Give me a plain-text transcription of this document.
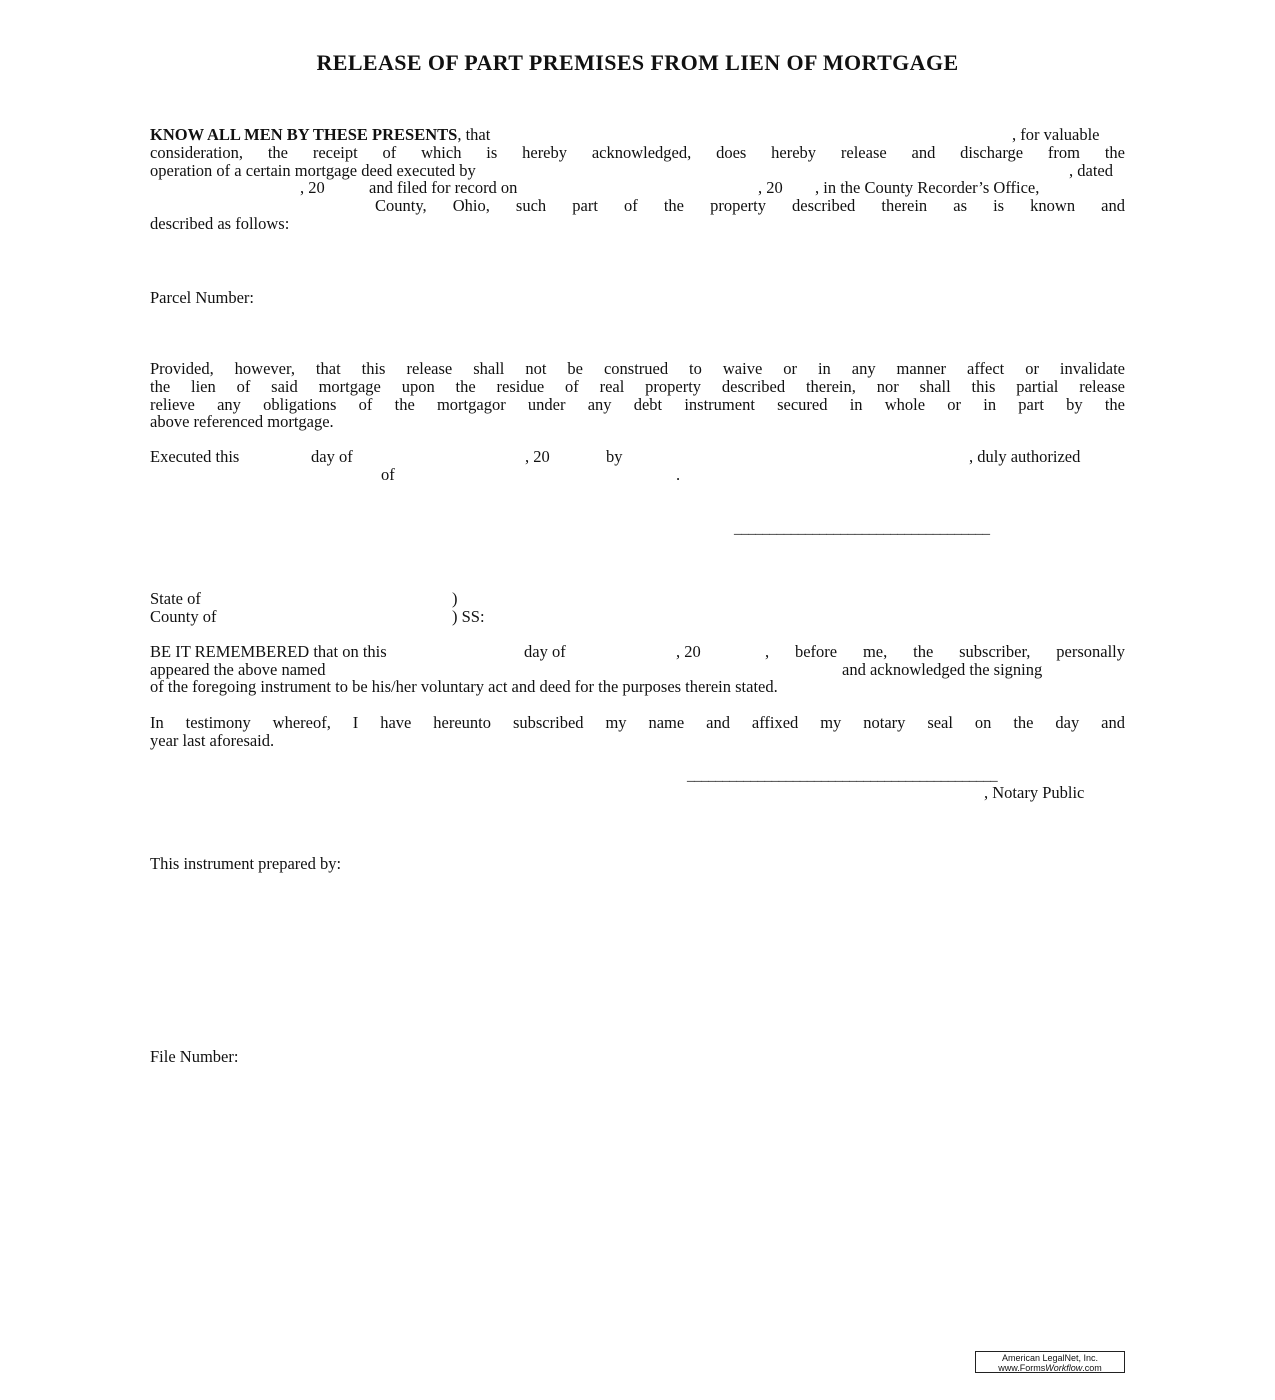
RELEASE OF PART PREMISES FROM LIEN OF MORTGAGE
KNOW ALL MEN BY THESE PRESENTS, that	, for valuable
consideration, the receipt of which is hereby acknowledged, does hereby release and discharge from the
operation of a certain mortgage deed executed by	, dated
, 20	and filed for record on	, 20 , in the County Recorder’s Office,
County, Ohio, such part of the property described therein as is known and
described as follows:
Parcel Number:
Provided, however, that this release shall not be construed to waive or in any manner affect or invalidate
the lien of said mortgage upon the residue of real property described therein, nor shall this partial release
relieve any obligations of the mortgagor under any debt instrument secured in whole or in part by the
above referenced mortgage.
Executed this	day of	, 20	by	, duly authorized
of	.
____________________________________
State of	)
County of	) SS:
BE IT REMEMBERED that on this	day of	, 20	, before me, the subscriber, personally
appeared the above named	and acknowledged the signing
of the foregoing instrument to be his/her voluntary act and deed for the purposes therein stated.
In testimony whereof, I have hereunto subscribed my name and affixed my notary seal on the day and
year last aforesaid.
____________________________________________
, Notary Public
This instrument prepared by:
File Number:
American LegalNet, Inc.
www.FormsWorkflow.com
